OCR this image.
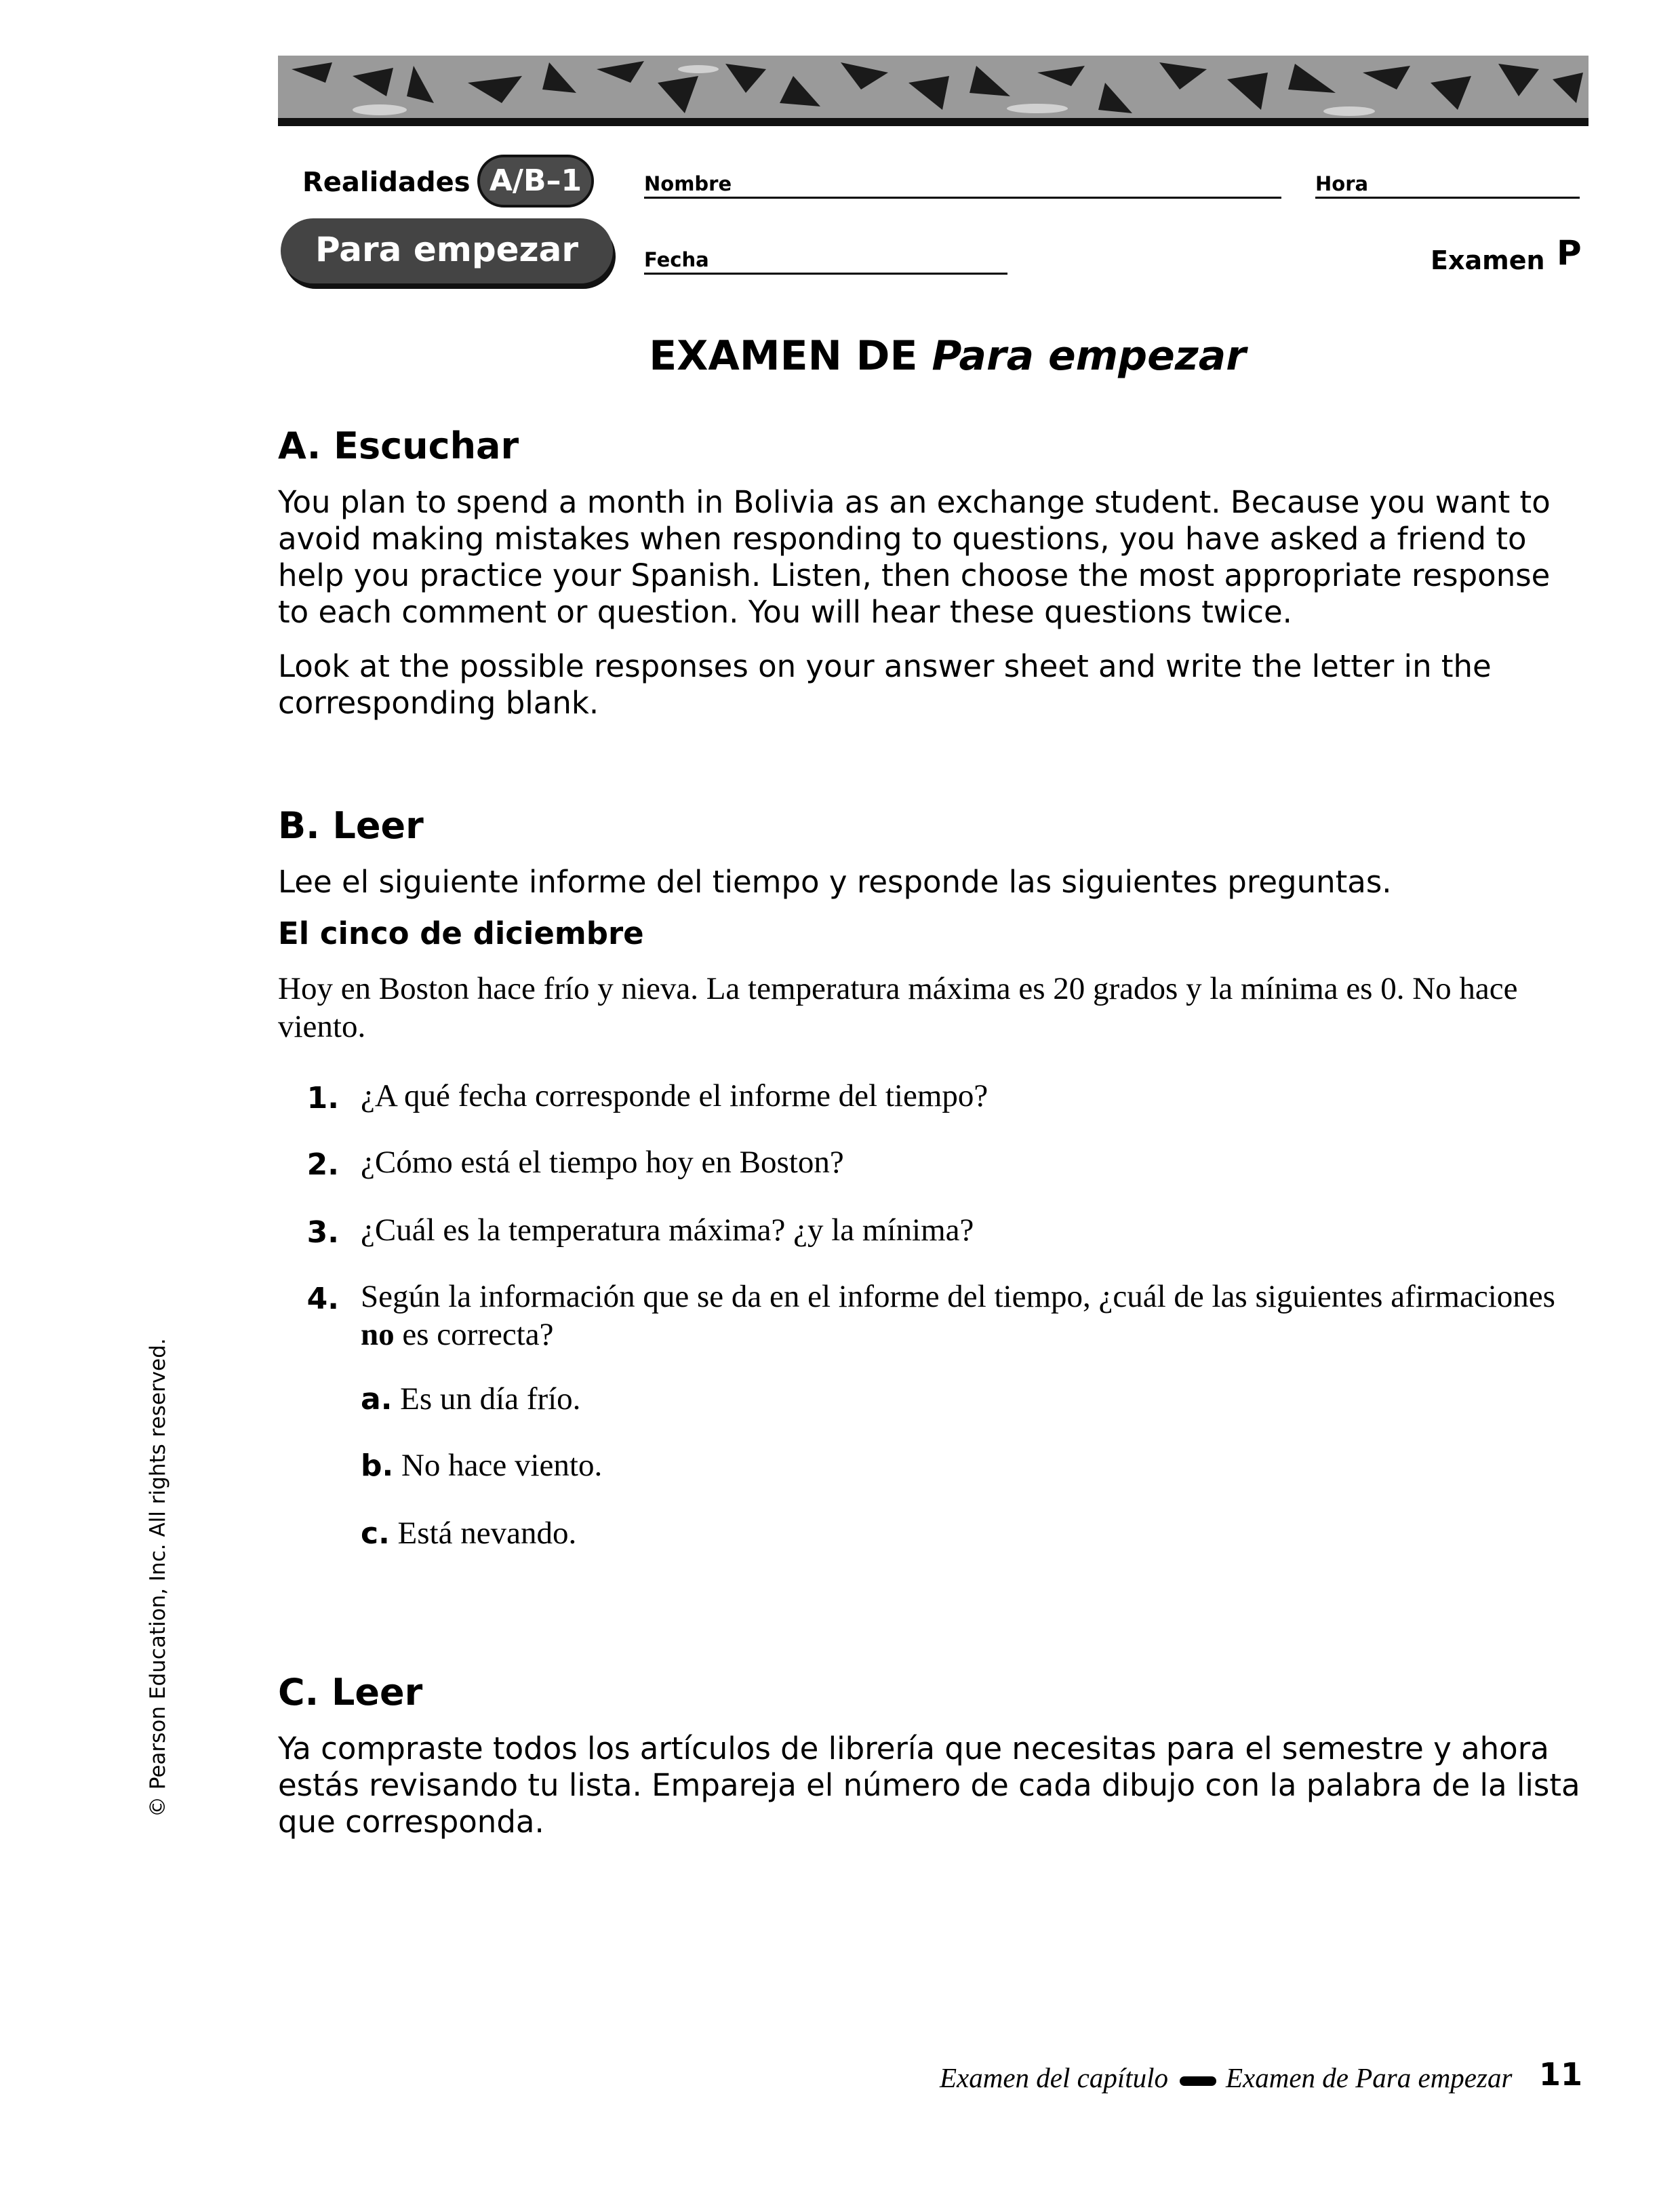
Realidades A/B–1
Para empezar
Nombre	Hora
Fecha	Examen P
EXAMEN DE Para empezar
A. Escuchar
You plan to spend a month in Bolivia as an exchange student. Because you want to avoid making mistakes when responding to questions, you have asked a friend to help you practice your Spanish. Listen, then choose the most appropriate response to each comment or question. You will hear these questions twice.
Look at the possible responses on your answer sheet and write the letter in the corresponding blank.
B. Leer
Lee el siguiente informe del tiempo y responde las siguientes preguntas.
El cinco de diciembre
Hoy en Boston hace frío y nieva. La temperatura máxima es 20 grados y la mínima es 0. No hace viento.
1. ¿A qué fecha corresponde el informe del tiempo?
2. ¿Cómo está el tiempo hoy en Boston?
3. ¿Cuál es la temperatura máxima? ¿y la mínima?
4. Según la información que se da en el informe del tiempo, ¿cuál de las siguientes afirmaciones no es correcta?
a. Es un día frío.
b. No hace viento.
c. Está nevando.
C. Leer
Ya compraste todos los artículos de librería que necesitas para el semestre y ahora estás revisando tu lista. Empareja el número de cada dibujo con la palabra de la lista que corresponda.
© Pearson Education, Inc. All rights reserved.
Examen del capítulo Examen de Para empezar 11
